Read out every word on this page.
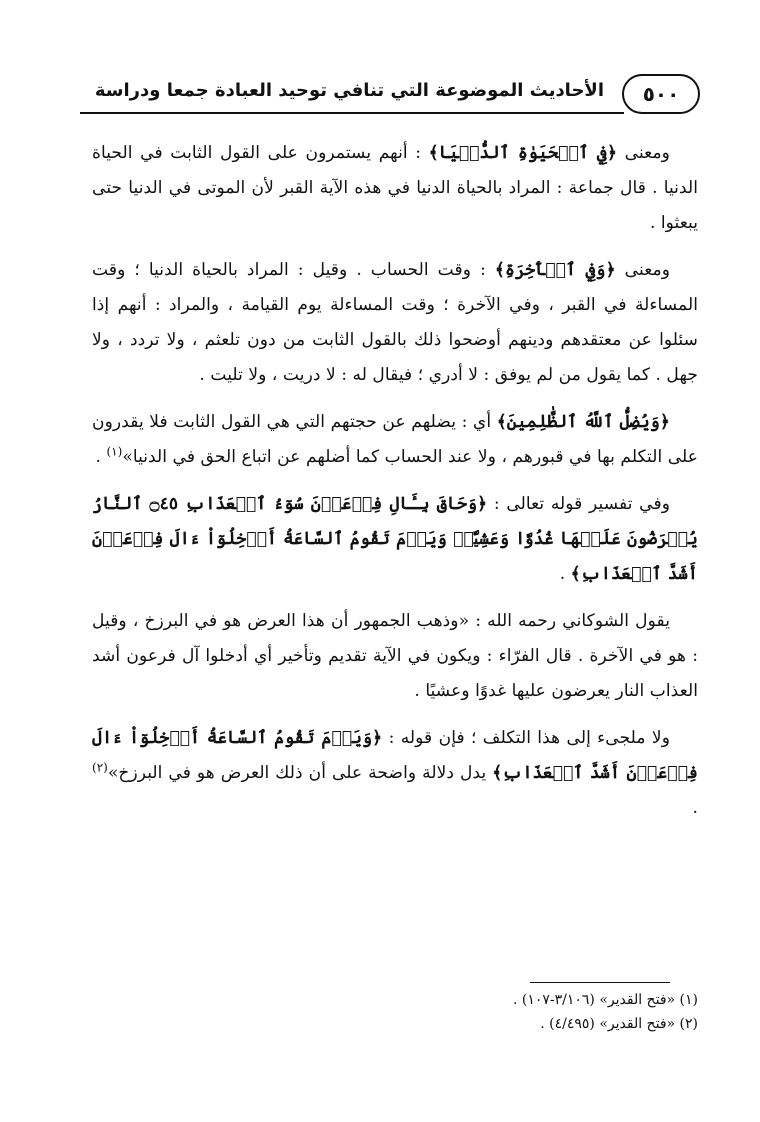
٥٠٠
الأحاديث الموضوعة التي تنافي توحيد العبادة جمعا ودراسة

ومعنى ﴿فِي ٱلۡحَيَوٰةِ ٱلدُّنۡيَا﴾ : أنهم يستمرون على القول الثابت في الحياة الدنيا . قال جماعة : المراد بالحياة الدنيا في هذه الآية القبر لأن الموتى في الدنيا حتى يبعثوا .

ومعنى ﴿وَفِي ٱلۡأٓخِرَةِ﴾ : وقت الحساب . وقيل : المراد بالحياة الدنيا ؛ وقت المساءلة في القبر ، وفي الآخرة ؛ وقت المساءلة يوم القيامة ، والمراد : أنهم إذا سئلوا عن معتقدهم ودينهم أوضحوا ذلك بالقول الثابت من دون تلعثم ، ولا تردد ، ولا جهل . كما يقول من لم يوفق : لا أدري ؛ فيقال له : لا دريت ، ولا تليت .

﴿وَيُضِلُّ ٱللَّهُ ٱلظَّٰلِمِينَ﴾ أي : يضلهم عن حجتهم التي هي القول الثابت فلا يقدرون على التكلم بها في قبورهم ، ولا عند الحساب كما أضلهم عن اتباع الحق في الدنيا»$^{(١)}$ .

وفي تفسير قوله تعالى : ﴿وَحَاقَ بِـَٔالِ فِرۡعَوۡنَ سُوٓءُ ٱلۡعَذَابِ ۝٤٥ ٱلنَّارُ يُعۡرَضُونَ عَلَيۡهَا غُدُوّٗا وَعَشِيّٗاۚ وَيَوۡمَ تَقُومُ ٱلسَّاعَةُ أَدۡخِلُوٓاْ ءَالَ فِرۡعَوۡنَ أَشَدَّ ٱلۡعَذَابِ﴾ .

يقول الشوكاني رحمه الله : «وذهب الجمهور أن هذا العرض هو في البرزخ ، وقيل : هو في الآخرة . قال الفرّاء : ويكون في الآية تقديم وتأخير أي أدخلوا آل فرعون أشد العذاب النار يعرضون عليها غدوًا وعشيًا .

ولا ملجىء إلى هذا التكلف ؛ فإن قوله : ﴿وَيَوۡمَ تَقُومُ ٱلسَّاعَةُ أَدۡخِلُوٓاْ ءَالَ فِرۡعَوۡنَ أَشَدَّ ٱلۡعَذَابِ﴾ يدل دلالة واضحة على أن ذلك العرض هو في البرزخ»$^{(٢)}$ .

(١) «فتح القدير» (٣/١٠٦-١٠٧) .
(٢) «فتح القدير» (٤/٤٩٥) .
